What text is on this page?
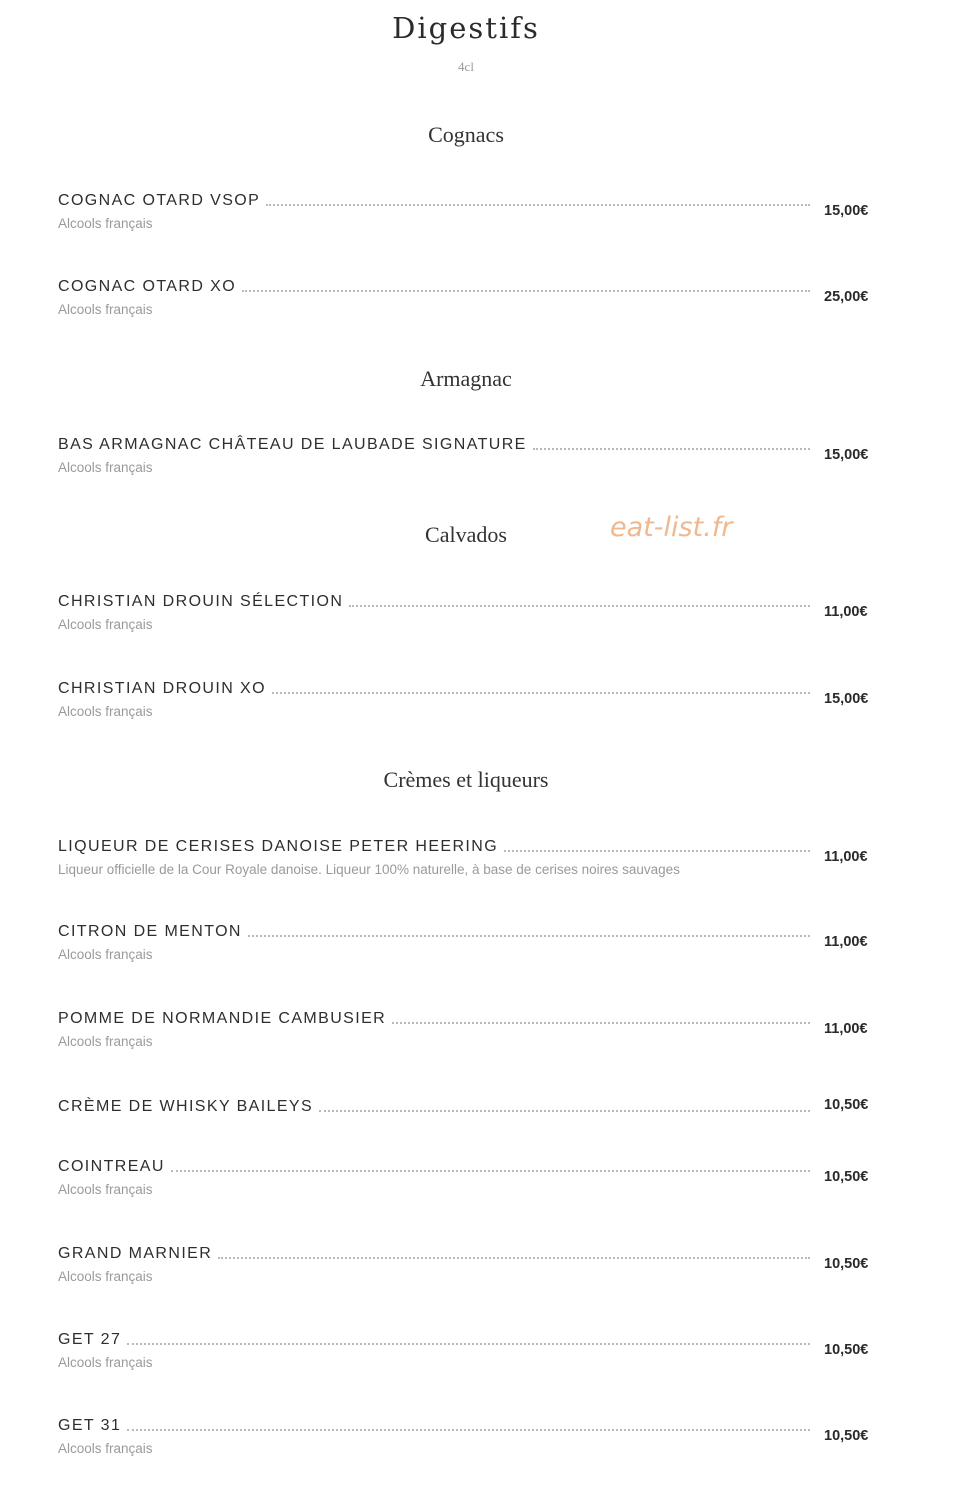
Digestifs
4cl
Cognacs
COGNAC OTARD VSOP
Alcools français
15,00€
COGNAC OTARD XO
Alcools français
25,00€
Armagnac
BAS ARMAGNAC CHÂTEAU DE LAUBADE SIGNATURE
Alcools français
15,00€
Calvados	eat-list.fr
CHRISTIAN DROUIN SÉLECTION
Alcools français
11,00€
CHRISTIAN DROUIN XO
Alcools français
15,00€
Crèmes et liqueurs
LIQUEUR DE CERISES DANOISE PETER HEERING
Liqueur officielle de la Cour Royale danoise. Liqueur 100% naturelle, à base de cerises noires sauvages
11,00€
CITRON DE MENTON
Alcools français
11,00€
POMME DE NORMANDIE CAMBUSIER
Alcools français
11,00€
CRÈME DE WHISKY BAILEYS	10,50€
COINTREAU
Alcools français
10,50€
GRAND MARNIER
Alcools français
10,50€
GET 27
Alcools français
10,50€
GET 31
Alcools français
10,50€
